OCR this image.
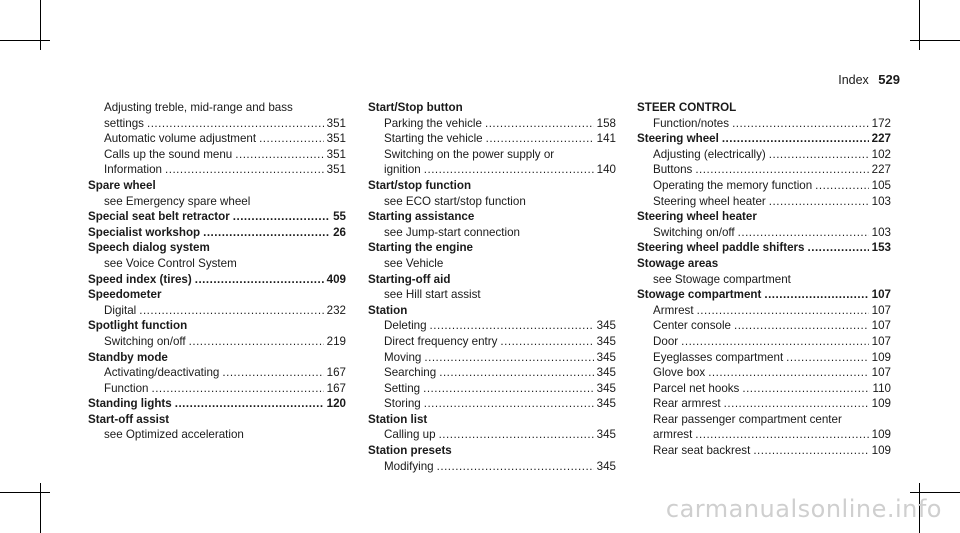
Index 529
Adjusting treble, mid-range and bass
settings .....	351
Automatic volume adjustment .....	351
Calls up the sound menu .....	351
Information .....	351
Spare wheel
see Emergency spare wheel
Special seat belt retractor .....	55
Specialist workshop .....	26
Speech dialog system
see Voice Control System
Speed index (tires) .....	409
Speedometer
Digital .....	232
Spotlight function
Switching on/off .....	219
Standby mode
Activating/deactivating .....	167
Function .....	167
Standing lights .....	120
Start-off assist
see Optimized acceleration
Start/Stop button
Parking the vehicle .....	158
Starting the vehicle .....	141
Switching on the power supply or
ignition .....	140
Start/stop function
see ECO start/stop function
Starting assistance
see Jump-start connection
Starting the engine
see Vehicle
Starting-off aid
see Hill start assist
Station
Deleting .....	345
Direct frequency entry .....	345
Moving .....	345
Searching .....	345
Setting .....	345
Storing .....	345
Station list
Calling up .....	345
Station presets
Modifying .....	345
STEER CONTROL
Function/notes .....	172
Steering wheel .....	227
Adjusting (electrically) .....	102
Buttons .....	227
Operating the memory function .....	105
Steering wheel heater .....	103
Steering wheel heater
Switching on/off .....	103
Steering wheel paddle shifters .....	153
Stowage areas
see Stowage compartment
Stowage compartment .....	107
Armrest .....	107
Center console .....	107
Door .....	107
Eyeglasses compartment .....	109
Glove box .....	107
Parcel net hooks .....	110
Rear armrest .....	109
Rear passenger compartment center
armrest .....	109
Rear seat backrest .....	109
carmanualsonline.info
